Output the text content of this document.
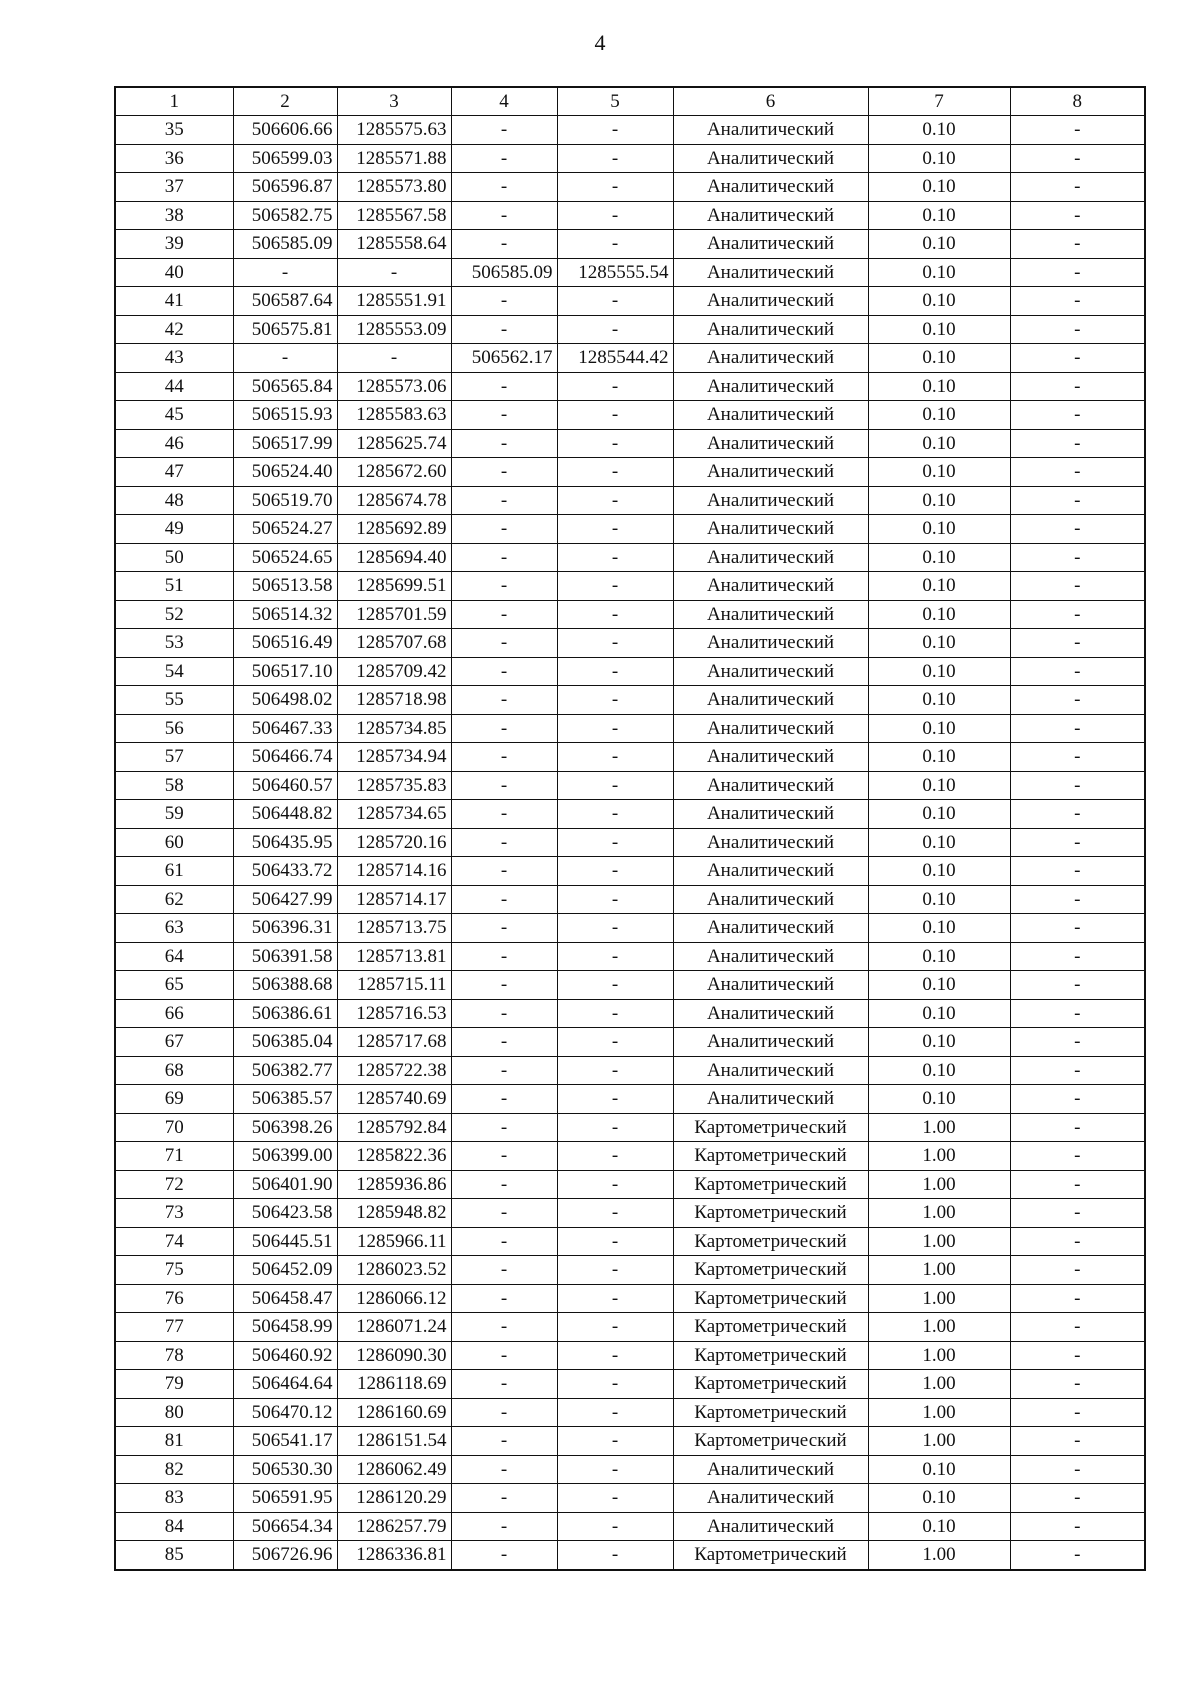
4
1	2	3	4	5	6	7	8
35	506606.66	1285575.63	-	-	Аналитический	0.10	-
36	506599.03	1285571.88	-	-	Аналитический	0.10	-
37	506596.87	1285573.80	-	-	Аналитический	0.10	-
38	506582.75	1285567.58	-	-	Аналитический	0.10	-
39	506585.09	1285558.64	-	-	Аналитический	0.10	-
40	-	-	506585.09	1285555.54	Аналитический	0.10	-
41	506587.64	1285551.91	-	-	Аналитический	0.10	-
42	506575.81	1285553.09	-	-	Аналитический	0.10	-
43	-	-	506562.17	1285544.42	Аналитический	0.10	-
44	506565.84	1285573.06	-	-	Аналитический	0.10	-
45	506515.93	1285583.63	-	-	Аналитический	0.10	-
46	506517.99	1285625.74	-	-	Аналитический	0.10	-
47	506524.40	1285672.60	-	-	Аналитический	0.10	-
48	506519.70	1285674.78	-	-	Аналитический	0.10	-
49	506524.27	1285692.89	-	-	Аналитический	0.10	-
50	506524.65	1285694.40	-	-	Аналитический	0.10	-
51	506513.58	1285699.51	-	-	Аналитический	0.10	-
52	506514.32	1285701.59	-	-	Аналитический	0.10	-
53	506516.49	1285707.68	-	-	Аналитический	0.10	-
54	506517.10	1285709.42	-	-	Аналитический	0.10	-
55	506498.02	1285718.98	-	-	Аналитический	0.10	-
56	506467.33	1285734.85	-	-	Аналитический	0.10	-
57	506466.74	1285734.94	-	-	Аналитический	0.10	-
58	506460.57	1285735.83	-	-	Аналитический	0.10	-
59	506448.82	1285734.65	-	-	Аналитический	0.10	-
60	506435.95	1285720.16	-	-	Аналитический	0.10	-
61	506433.72	1285714.16	-	-	Аналитический	0.10	-
62	506427.99	1285714.17	-	-	Аналитический	0.10	-
63	506396.31	1285713.75	-	-	Аналитический	0.10	-
64	506391.58	1285713.81	-	-	Аналитический	0.10	-
65	506388.68	1285715.11	-	-	Аналитический	0.10	-
66	506386.61	1285716.53	-	-	Аналитический	0.10	-
67	506385.04	1285717.68	-	-	Аналитический	0.10	-
68	506382.77	1285722.38	-	-	Аналитический	0.10	-
69	506385.57	1285740.69	-	-	Аналитический	0.10	-
70	506398.26	1285792.84	-	-	Картометрический	1.00	-
71	506399.00	1285822.36	-	-	Картометрический	1.00	-
72	506401.90	1285936.86	-	-	Картометрический	1.00	-
73	506423.58	1285948.82	-	-	Картометрический	1.00	-
74	506445.51	1285966.11	-	-	Картометрический	1.00	-
75	506452.09	1286023.52	-	-	Картометрический	1.00	-
76	506458.47	1286066.12	-	-	Картометрический	1.00	-
77	506458.99	1286071.24	-	-	Картометрический	1.00	-
78	506460.92	1286090.30	-	-	Картометрический	1.00	-
79	506464.64	1286118.69	-	-	Картометрический	1.00	-
80	506470.12	1286160.69	-	-	Картометрический	1.00	-
81	506541.17	1286151.54	-	-	Картометрический	1.00	-
82	506530.30	1286062.49	-	-	Аналитический	0.10	-
83	506591.95	1286120.29	-	-	Аналитический	0.10	-
84	506654.34	1286257.79	-	-	Аналитический	0.10	-
85	506726.96	1286336.81	-	-	Картометрический	1.00	-
